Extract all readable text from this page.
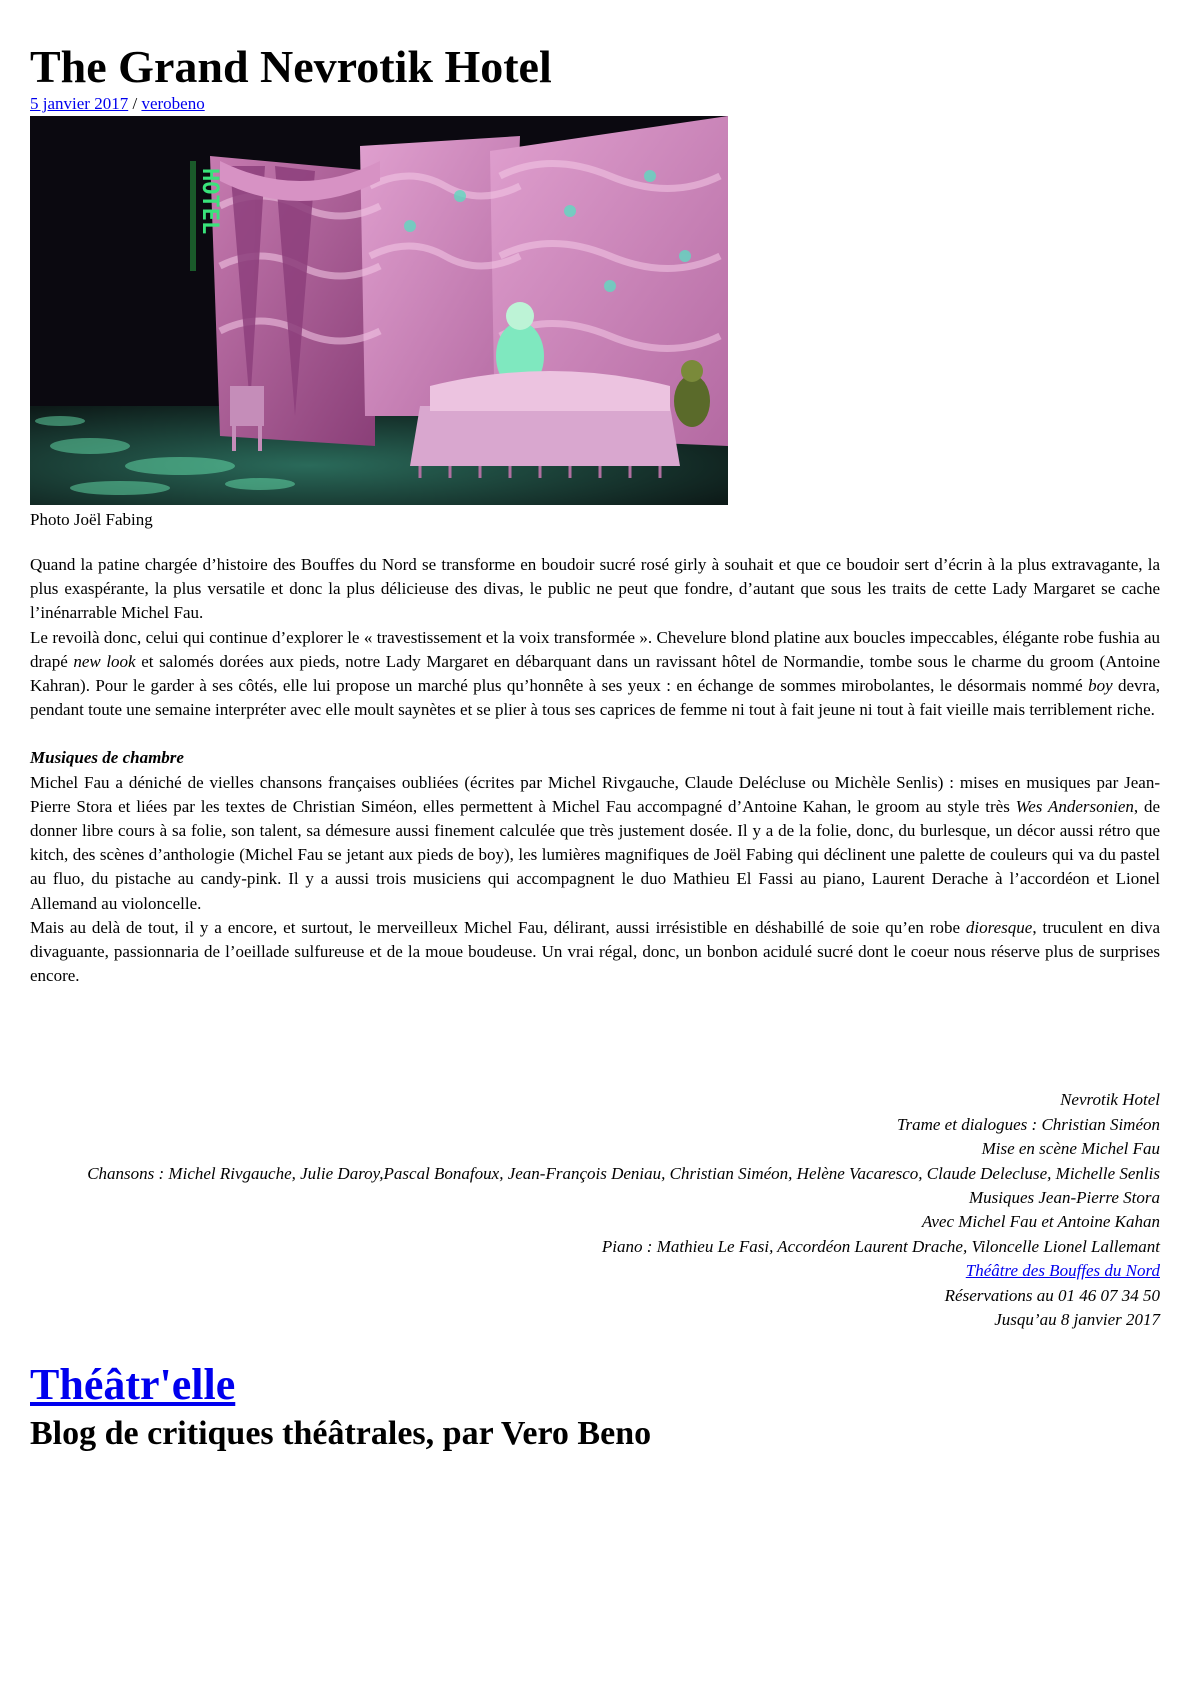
The Grand Nevrotik Hotel
5 janvier 2017 / verobeno
HOTEL
Photo Joël Fabing

Quand la patine chargée d’histoire des Bouffes du Nord se transforme en boudoir sucré rosé girly à souhait et que ce boudoir sert d’écrin à la plus extravagante, la plus exaspérante, la plus versatile et donc la plus délicieuse des divas, le public ne peut que fondre, d’autant que sous les traits de cette Lady Margaret se cache l’inénarrable Michel Fau.

Le revoilà donc, celui qui continue d’explorer le « travestissement et la voix transformée ». Chevelure blond platine aux boucles impeccables, élégante robe fushia au drapé new look et salomés dorées aux pieds, notre Lady Margaret en débarquant dans un ravissant hôtel de Normandie, tombe sous le charme du groom (Antoine Kahran). Pour le garder à ses côtés, elle lui propose un marché plus qu’honnête à ses yeux : en échange de sommes mirobolantes, le désormais nommé boy devra, pendant toute une semaine interpréter avec elle moult saynètes et se plier à tous ses caprices de femme ni tout à fait jeune ni tout à fait vieille mais terriblement riche.

Musiques de chambre

Michel Fau a déniché de vielles chansons françaises oubliées (écrites par Michel Rivgauche, Claude Delécluse ou Michèle Senlis) : mises en musiques par Jean-Pierre Stora et liées par les textes de Christian Siméon, elles permettent à Michel Fau accompagné d’Antoine Kahan, le groom au style très Wes Andersonien, de donner libre cours à sa folie, son talent, sa démesure aussi finement calculée que très justement dosée. Il y a de la folie, donc, du burlesque, un décor aussi rétro que kitch, des scènes d’anthologie (Michel Fau se jetant aux pieds de boy), les lumières magnifiques de Joël Fabing qui déclinent une palette de couleurs qui va du pastel au fluo, du pistache au candy-pink. Il y a aussi trois musiciens qui accompagnent le duo Mathieu El Fassi au piano, Laurent Derache à l’accordéon et Lionel Allemand au violoncelle.

Mais au delà de tout, il y a encore, et surtout, le merveilleux Michel Fau, délirant, aussi irrésistible en déshabillé de soie qu’en robe dioresque, truculent en diva divaguante, passionnaria de l’oeillade sulfureuse et de la moue boudeuse. Un vrai régal, donc, un bonbon acidulé sucré dont le coeur nous réserve plus de surprises encore.

Nevrotik Hotel
Trame et dialogues : Christian Siméon
Mise en scène Michel Fau
Chansons : Michel Rivgauche, Julie Daroy,Pascal Bonafoux, Jean-François Deniau, Christian Siméon, Helène Vacaresco, Claude Delecluse, Michelle Senlis
Musiques Jean-Pierre Stora
Avec Michel Fau et Antoine Kahan
Piano : Mathieu Le Fasi, Accordéon Laurent Drache, Viloncelle Lionel Lallemant
Théâtre des Bouffes du Nord
Réservations au 01 46 07 34 50
Jusqu’au 8 janvier 2017
Théâtr'elle
Blog de critiques théâtrales, par Vero Beno
